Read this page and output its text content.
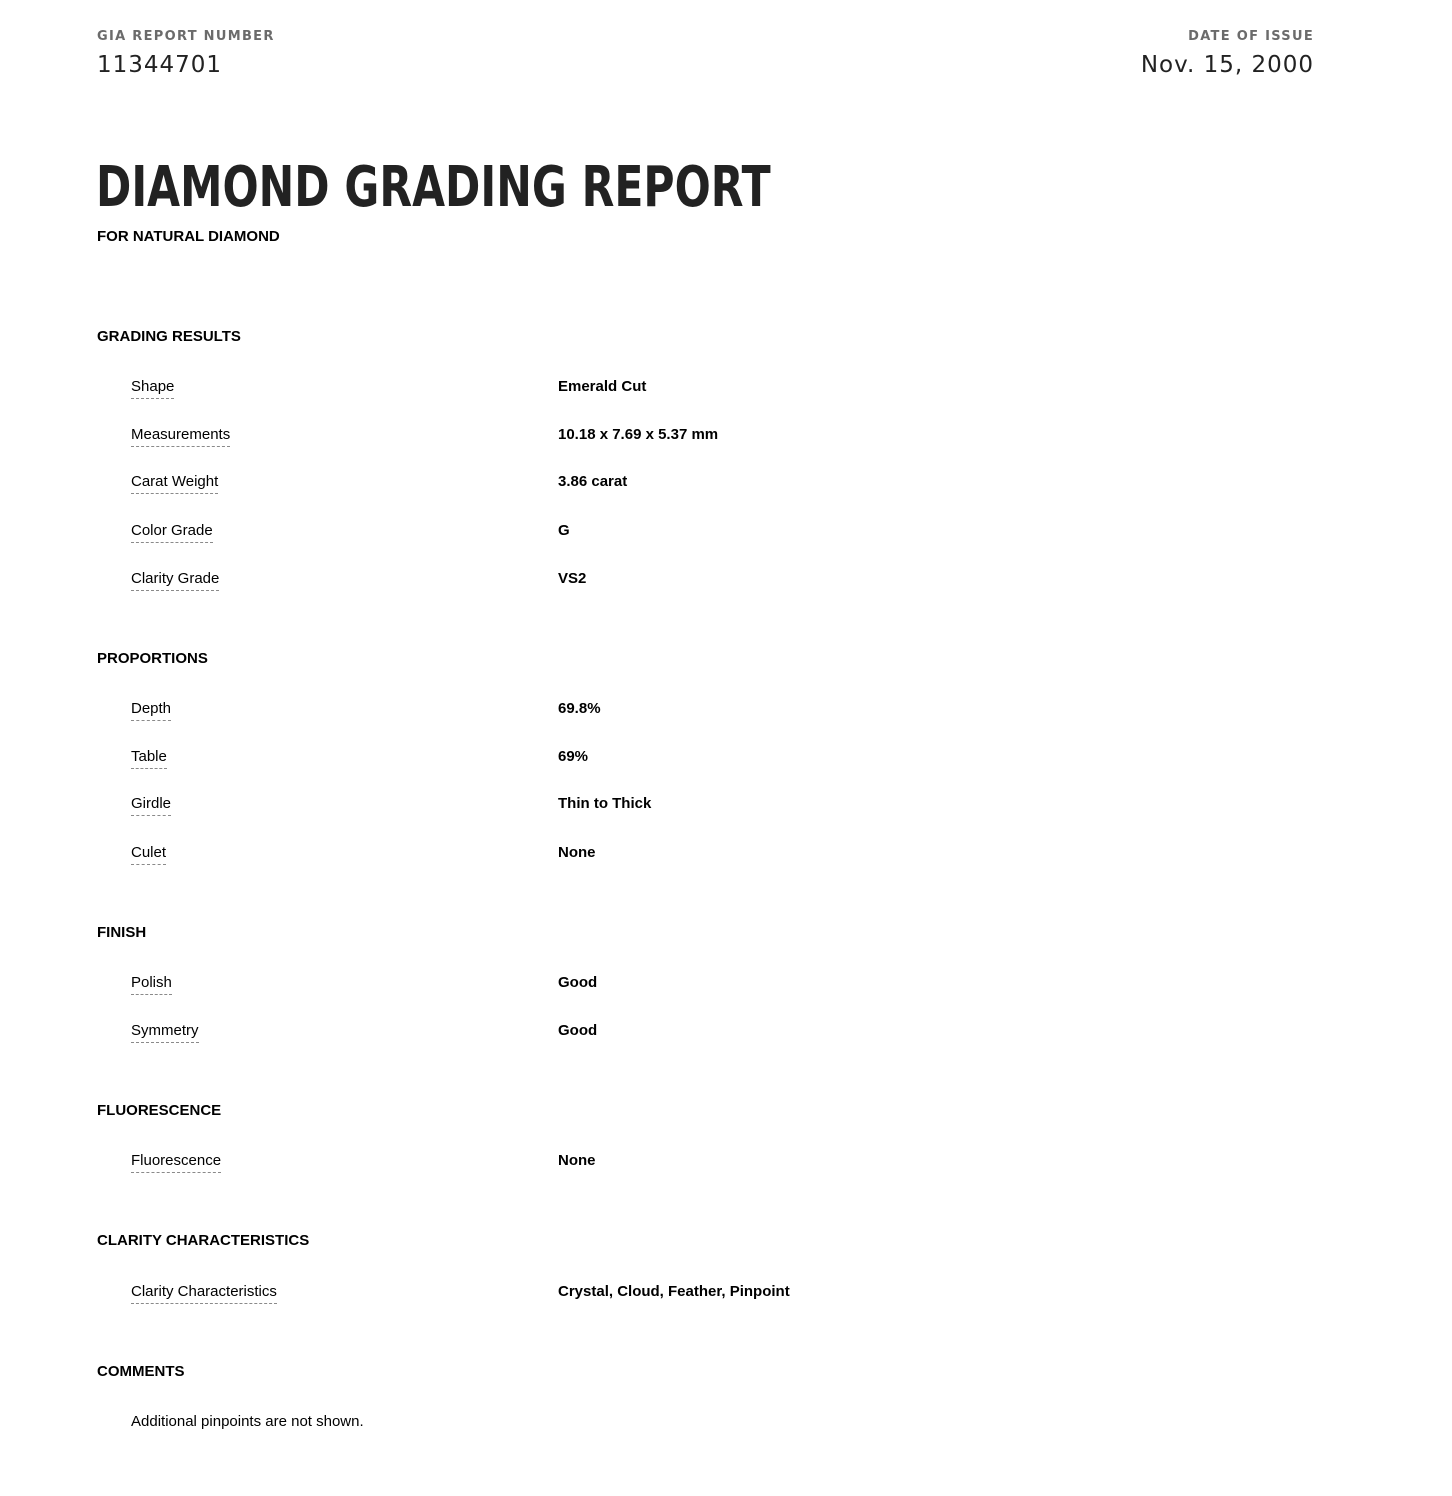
GIA REPORT NUMBER
11344701
DATE OF ISSUE
Nov. 15, 2000
DIAMOND GRADING REPORT
FOR NATURAL DIAMOND
GRADING RESULTS
Shape	Emerald Cut
Measurements	10.18 x 7.69 x 5.37 mm
Carat Weight	3.86 carat
Color Grade	G
Clarity Grade	VS2
PROPORTIONS
Depth	69.8%
Table	69%
Girdle	Thin to Thick
Culet	None
FINISH
Polish	Good
Symmetry	Good
FLUORESCENCE
Fluorescence	None
CLARITY CHARACTERISTICS
Clarity Characteristics	Crystal, Cloud, Feather, Pinpoint
COMMENTS
Additional pinpoints are not shown.
